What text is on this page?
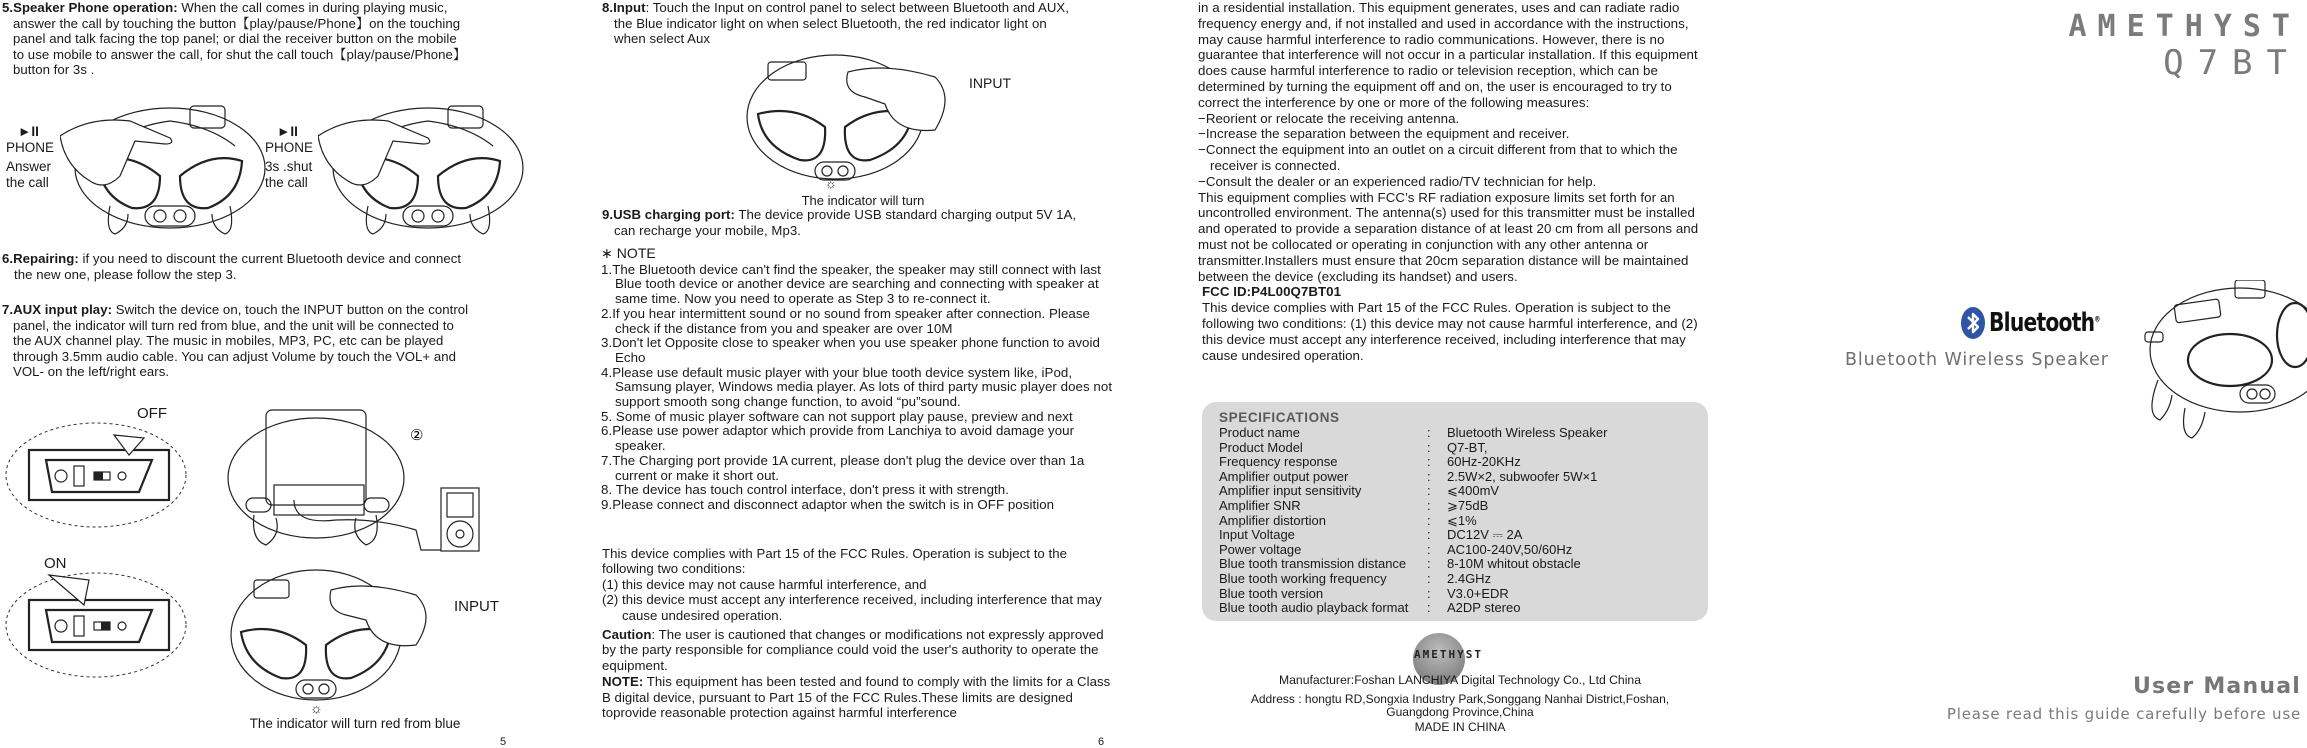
5.Speaker Phone operation: When the call comes in during playing music,
answer the call by touching the button【play/pause/Phone】on the touching
panel and talk facing the top panel; or dial the receiver button on the mobile
to use mobile to answer the call, for shut the call touch【play/pause/Phone】
button for 3s .
►II
PHONE
Answer
the call
►II
PHONE
3s .shut
the call
6.Repairing: if you need to discount the current Bluetooth device and connect
the new one, please follow the step 3.
7.AUX input play: Switch the device on, touch the INPUT button on the control
panel, the indicator will turn red from blue, and the unit will be connected to
the AUX channel play. The music in mobiles, MP3, PC, etc can be played
through 3.5mm audio cable. You can adjust Volume by touch the VOL+ and
VOL- on the left/right ears.
OFF
ON
②
INPUT
☼
The indicator will turn red from blue
5
8.Input: Touch the Input on control panel to select between Bluetooth and AUX,
the Blue indicator light on when select Bluetooth, the red indicator light on
when select Aux
INPUT
☼
The indicator will turn
9.USB charging port: The device provide USB standard charging output 5V 1A,
can recharge your mobile, Mp3.
∗ NOTE
1.The Bluetooth device can't find the speaker, the speaker may still connect with last Blue tooth device or another device are searching and connecting with speaker at same time. Now you need to operate as Step 3 to re-connect it.
2.If you hear intermittent sound or no sound from speaker after connection. Please check if the distance from you and speaker are over 10M
3.Don't let Opposite close to speaker when you use speaker phone function to avoid Echo
4.Please use default music player with your blue tooth device system like, iPod, Samsung player, Windows media player. As lots of third party music player does not support smooth song change function, to avoid “pu”sound.
5. Some of music player software can not support play pause, preview and next
6.Please use power adaptor which provide from Lanchiya to avoid damage your speaker.
7.The Charging port provide 1A current, please don't plug the device over than 1a current or make it short out.
8. The device has touch control interface, don't press it with strength.
9.Please connect and disconnect adaptor when the switch is in OFF position
This device complies with Part 15 of the FCC Rules. Operation is subject to the following two conditions:
(1) this device may not cause harmful interference, and
(2) this device must accept any interference received, including interference that may cause undesired operation.
Caution: The user is cautioned that changes or modifications not expressly approved by the party responsible for compliance could void the user's authority to operate the equipment.
NOTE: This equipment has been tested and found to comply with the limits for a Class B digital device, pursuant to Part 15 of the FCC Rules.These limits are designed toprovide reasonable protection against harmful interference
6
in a residential installation. This equipment generates, uses and can radiate radio frequency energy and, if not installed and used in accordance with the instructions, may cause harmful interference to radio communications. However, there is no guarantee that interference will not occur in a particular installation. If this equipment does cause harmful interference to radio or television reception, which can be determined by turning the equipment off and on, the user is encouraged to try to correct the interference by one or more of the following measures:
−Reorient or relocate the receiving antenna.
−Increase the separation between the equipment and receiver.
−Connect the equipment into an outlet on a circuit different from that to which the receiver is connected.
−Consult the dealer or an experienced radio/TV technician for help.
This equipment complies with FCC’s RF radiation exposure limits set forth for an uncontrolled environment. The antenna(s) used for this transmitter must be installed and operated to provide a separation distance of at least 20 cm from all persons and must not be collocated or operating in conjunction with any other antenna or transmitter.Installers must ensure that 20cm separation distance will be maintained between the device (excluding its handset) and users.
FCC ID:P4L00Q7BT01
This device complies with Part 15 of the FCC Rules. Operation is subject to the following two conditions: (1) this device may not cause harmful interference, and (2) this device must accept any interference received, including interference that may cause undesired operation.
SPECIFICATIONS
Product name	:	Bluetooth Wireless Speaker
Product Model	:	Q7-BT,
Frequency response	:	60Hz-20KHz
Amplifier output power	:	2.5W×2, subwoofer 5W×1
Amplifier input sensitivity	:	⩽400mV
Amplifier SNR	:	⩾75dB
Amplifier distortion	:	⩽1%
Input Voltage	:	DC12V ⎓ 2A
Power voltage	:	AC100-240V,50/60Hz
Blue tooth transmission distance	:	8-10M whitout obstacle
Blue tooth working frequency	:	2.4GHz
Blue tooth version	:	V3.0+EDR
Blue tooth audio playback format	:	A2DP stereo
AMETHYST
Manufacturer:Foshan LANCHIYA Digital Technology Co., Ltd China
Address : hongtu RD,Songxia Industry Park,Songgang Nanhai District,Foshan,
Guangdong Province,China
MADE IN CHINA
AMETHYST
Q7BT
Bluetooth®
Bluetooth Wireless Speaker
User Manual
Please read this guide carefully before use
